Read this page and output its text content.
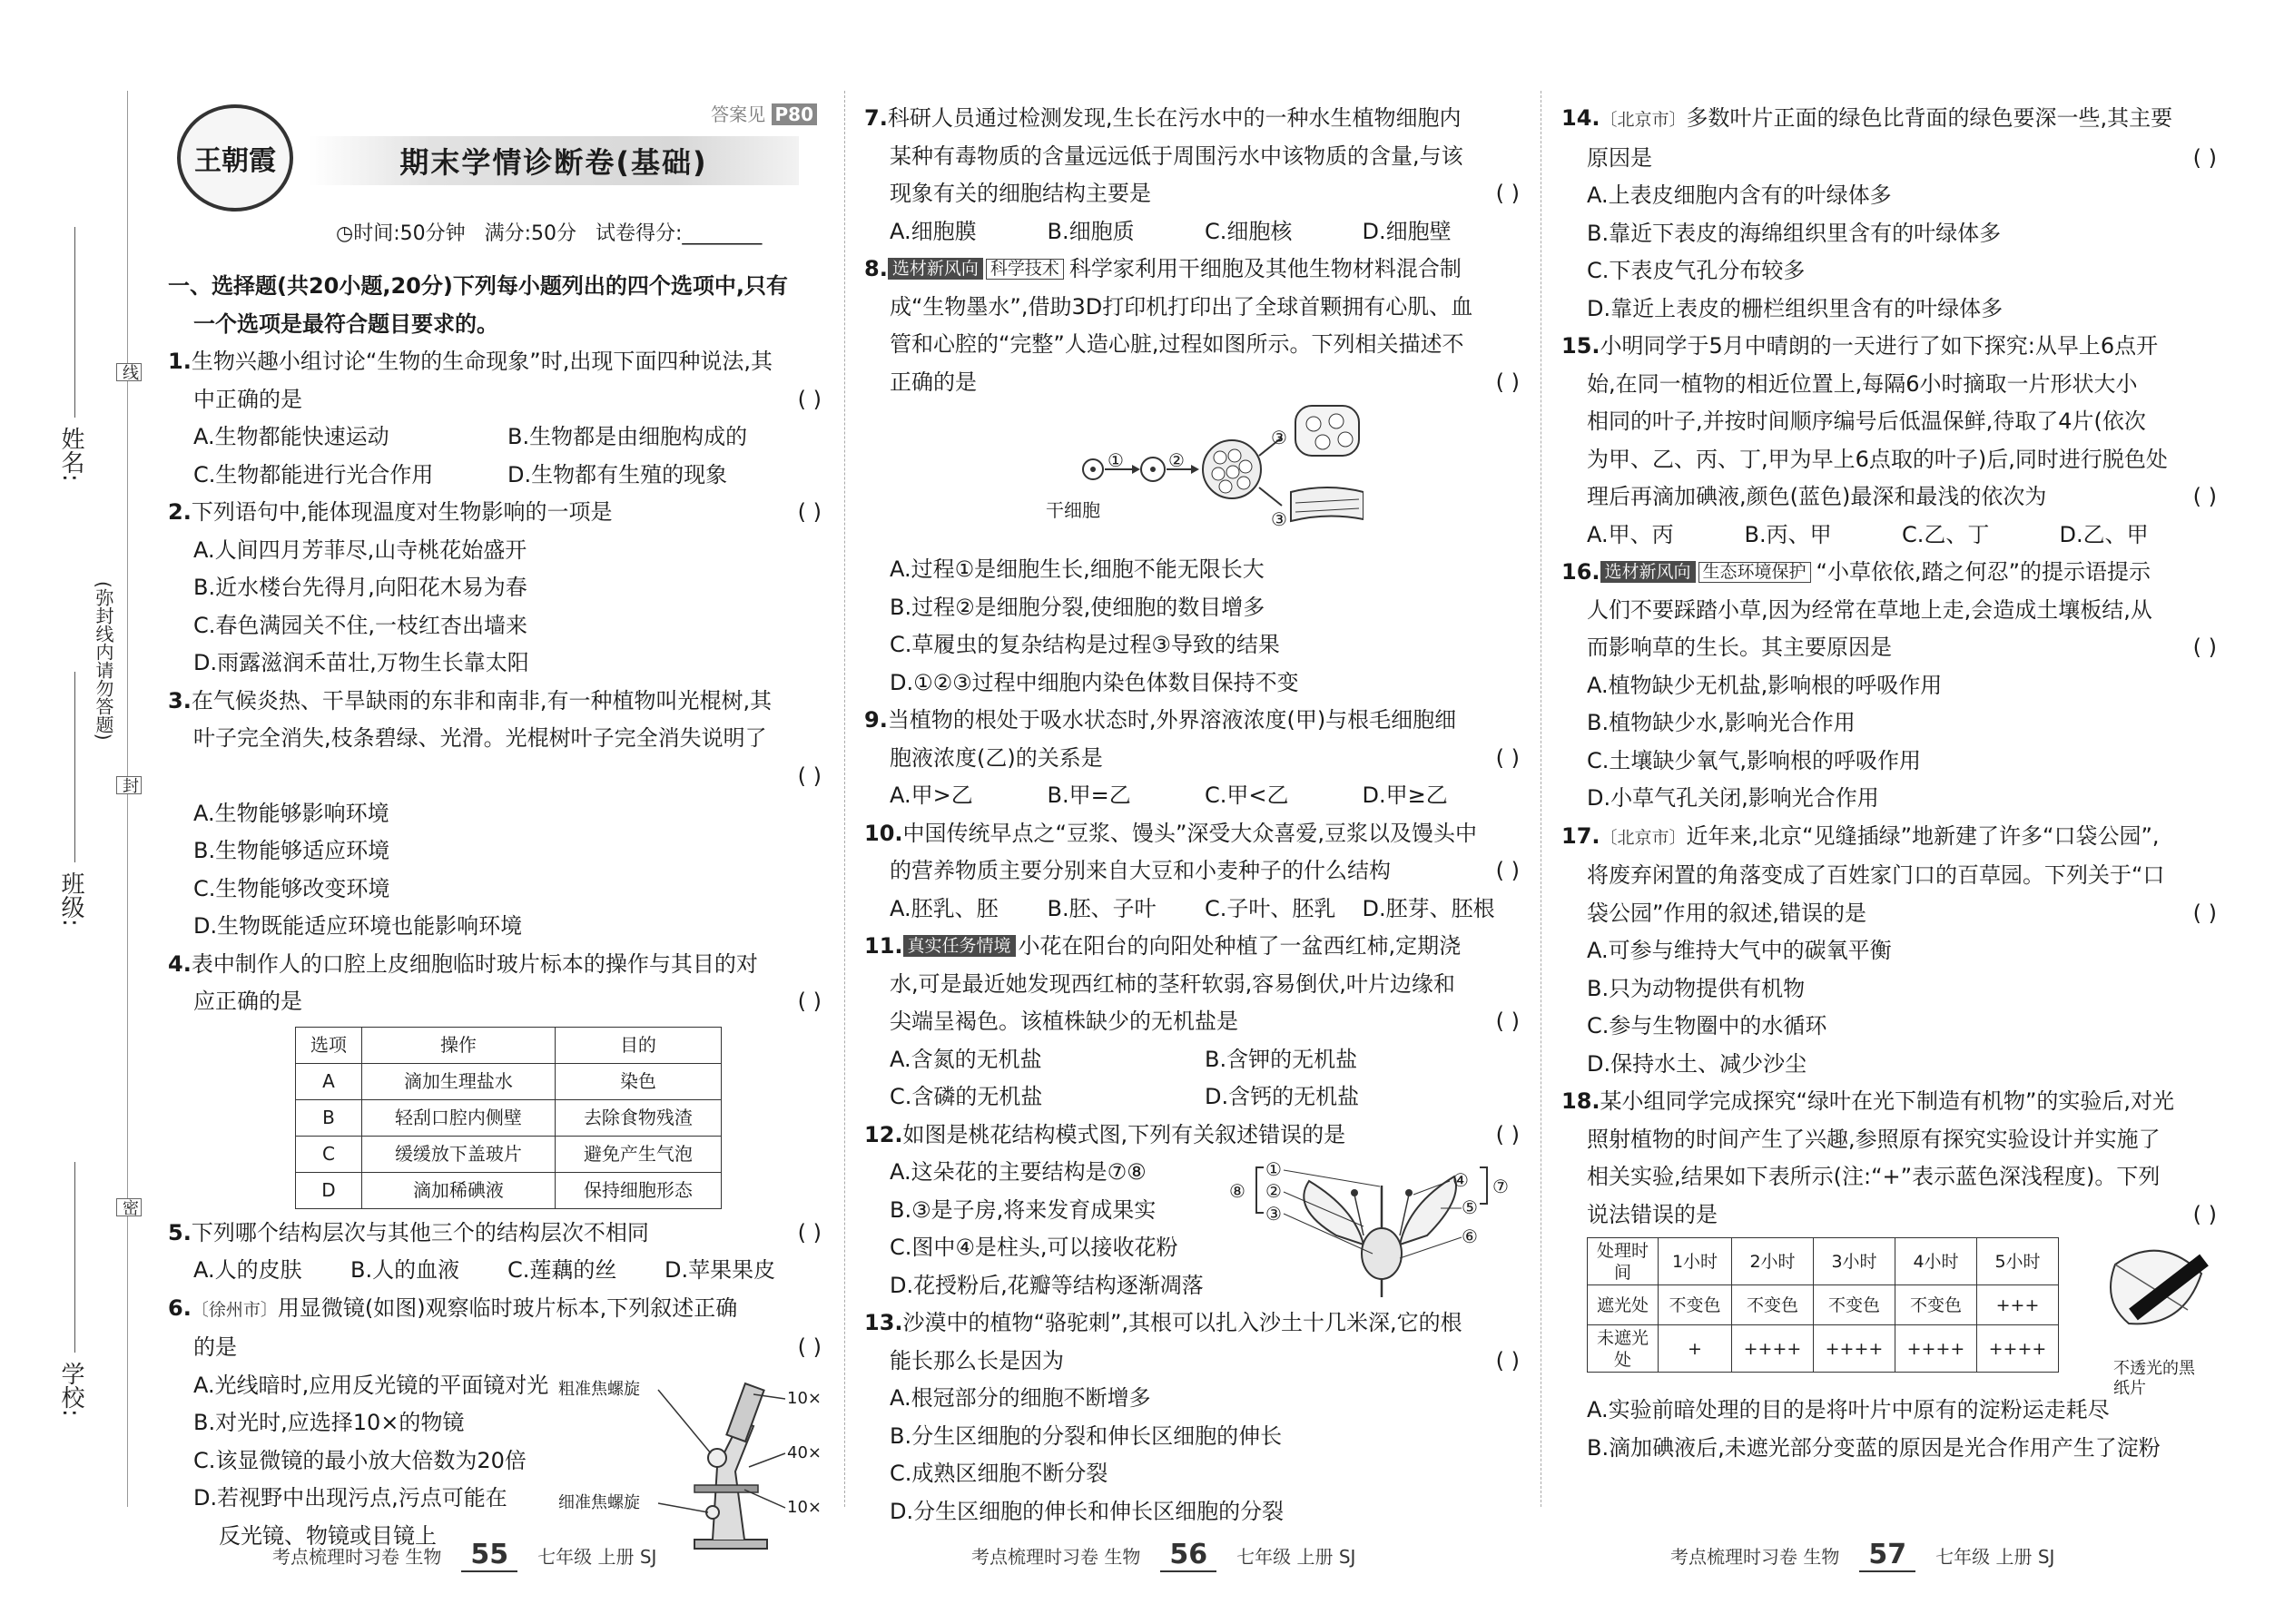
姓名:
(弥封线内请勿答题)
班级:
学校:
线
封
密
王朝霞
答案见 P80
期末学情诊断卷(基础)
◷时间:50分钟   满分:50分   试卷得分:________
一、选择题(共20小题,20分)下列每小题列出的四个选项中,只有
一个选项是最符合题目要求的。
1.生物兴趣小组讨论“生物的生命现象”时,出现下面四种说法,其
中正确的是	( )
A.生物都能快速运动	B.生物都是由细胞构成的
C.生物都能进行光合作用	D.生物都有生殖的现象
2.下列语句中,能体现温度对生物影响的一项是	( )
A.人间四月芳菲尽,山寺桃花始盛开
B.近水楼台先得月,向阳花木易为春
C.春色满园关不住,一枝红杏出墙来
D.雨露滋润禾苗壮,万物生长靠太阳
3.在气候炎热、干旱缺雨的东非和南非,有一种植物叫光棍树,其
叶子完全消失,枝条碧绿、光滑。光棍树叶子完全消失说明了
( )
A.生物能够影响环境
B.生物能够适应环境
C.生物能够改变环境
D.生物既能适应环境也能影响环境
4.表中制作人的口腔上皮细胞临时玻片标本的操作与其目的对
应正确的是	( )
选项	操作	目的
A	滴加生理盐水	染色
B	轻刮口腔内侧壁	去除食物残渣
C	缓缓放下盖玻片	避免产生气泡
D	滴加稀碘液	保持细胞形态
5.下列哪个结构层次与其他三个的结构层次不相同	( )
A.人的皮肤	B.人的血液	C.莲藕的丝	D.苹果果皮
6.〔徐州市〕用显微镜(如图)观察临时玻片标本,下列叙述正确
的是	( )
A.光线暗时,应用反光镜的平面镜对光
B.对光时,应选择10×的物镜
C.该显微镜的最小放大倍数为20倍
D.若视野中出现污点,污点可能在
反光镜、物镜或目镜上
粗准焦螺旋
细准焦螺旋
10×
40×
10×
7.科研人员通过检测发现,生长在污水中的一种水生植物细胞内
某种有毒物质的含量远远低于周围污水中该物质的含量,与该
现象有关的细胞结构主要是	( )
A.细胞膜	B.细胞质	C.细胞核	D.细胞壁
8. 选材新风向 科学技术 科学家利用干细胞及其他生物材料混合制
成“生物墨水”,借助3D打印机打印出了全球首颗拥有心肌、血
管和心腔的“完整”人造心脏,过程如图所示。下列相关描述不
正确的是	( )
干细胞
① ②
③
③
A.过程①是细胞生长,细胞不能无限长大
B.过程②是细胞分裂,使细胞的数目增多
C.草履虫的复杂结构是过程③导致的结果
D.①②③过程中细胞内染色体数目保持不变
9.当植物的根处于吸水状态时,外界溶液浓度(甲)与根毛细胞细
胞液浓度(乙)的关系是	( )
A.甲>乙	B.甲=乙	C.甲<乙	D.甲≥乙
10.中国传统早点之“豆浆、馒头”深受大众喜爱,豆浆以及馒头中
的营养物质主要分别来自大豆和小麦种子的什么结构	( )
A.胚乳、胚	B.胚、子叶	C.子叶、胚乳	D.胚芽、胚根
11. 真实任务情境 小花在阳台的向阳处种植了一盆西红柿,定期浇
水,可是最近她发现西红柿的茎秆软弱,容易倒伏,叶片边缘和
尖端呈褐色。该植株缺少的无机盐是	( )
A.含氮的无机盐	B.含钾的无机盐
C.含磷的无机盐	D.含钙的无机盐
12.如图是桃花结构模式图,下列有关叙述错误的是	( )
A.这朵花的主要结构是⑦⑧
B.③是子房,将来发育成果实
C.图中④是柱头,可以接收花粉
D.花授粉后,花瓣等结构逐渐凋落
⑧
①
②
③
④
⑤
⑥
⑦
13.沙漠中的植物“骆驼刺”,其根可以扎入沙土十几米深,它的根
能长那么长是因为	( )
A.根冠部分的细胞不断增多
B.分生区细胞的分裂和伸长区细胞的伸长
C.成熟区细胞不断分裂
D.分生区细胞的伸长和伸长区细胞的分裂
14.〔北京市〕多数叶片正面的绿色比背面的绿色要深一些,其主要
原因是	( )
A.上表皮细胞内含有的叶绿体多
B.靠近下表皮的海绵组织里含有的叶绿体多
C.下表皮气孔分布较多
D.靠近上表皮的栅栏组织里含有的叶绿体多
15.小明同学于5月中晴朗的一天进行了如下探究:从早上6点开
始,在同一植物的相近位置上,每隔6小时摘取一片形状大小
相同的叶子,并按时间顺序编号后低温保鲜,待取了4片(依次
为甲、乙、丙、丁,甲为早上6点取的叶子)后,同时进行脱色处
理后再滴加碘液,颜色(蓝色)最深和最浅的依次为	( )
A.甲、丙	B.丙、甲	C.乙、丁	D.乙、甲
16. 选材新风向 生态环境保护 “小草依依,踏之何忍”的提示语提示
人们不要踩踏小草,因为经常在草地上走,会造成土壤板结,从
而影响草的生长。其主要原因是	( )
A.植物缺少无机盐,影响根的呼吸作用
B.植物缺少水,影响光合作用
C.土壤缺少氧气,影响根的呼吸作用
D.小草气孔关闭,影响光合作用
17.〔北京市〕近年来,北京“见缝插绿”地新建了许多“口袋公园”,
将废弃闲置的角落变成了百姓家门口的百草园。下列关于“口
袋公园”作用的叙述,错误的是	( )
A.可参与维持大气中的碳氧平衡
B.只为动物提供有机物
C.参与生物圈中的水循环
D.保持水土、减少沙尘
18.某小组同学完成探究“绿叶在光下制造有机物”的实验后,对光
照射植物的时间产生了兴趣,参照原有探究实验设计并实施了
相关实验,结果如下表所示(注:“+”表示蓝色深浅程度)。下列
说法错误的是	( )
处理时间	1小时	2小时	3小时	4小时	5小时
遮光处	不变色	不变色	不变色	不变色	+++
未遮光处	+	++++	++++	++++	++++
不透光的黑纸片
A.实验前暗处理的目的是将叶片中原有的淀粉运走耗尽
B.滴加碘液后,未遮光部分变蓝的原因是光合作用产生了淀粉
考点梳理时习卷 生物	55	七年级 上册 SJ	考点梳理时习卷 生物	56	七年级 上册 SJ	考点梳理时习卷 生物	57	七年级 上册 SJ
